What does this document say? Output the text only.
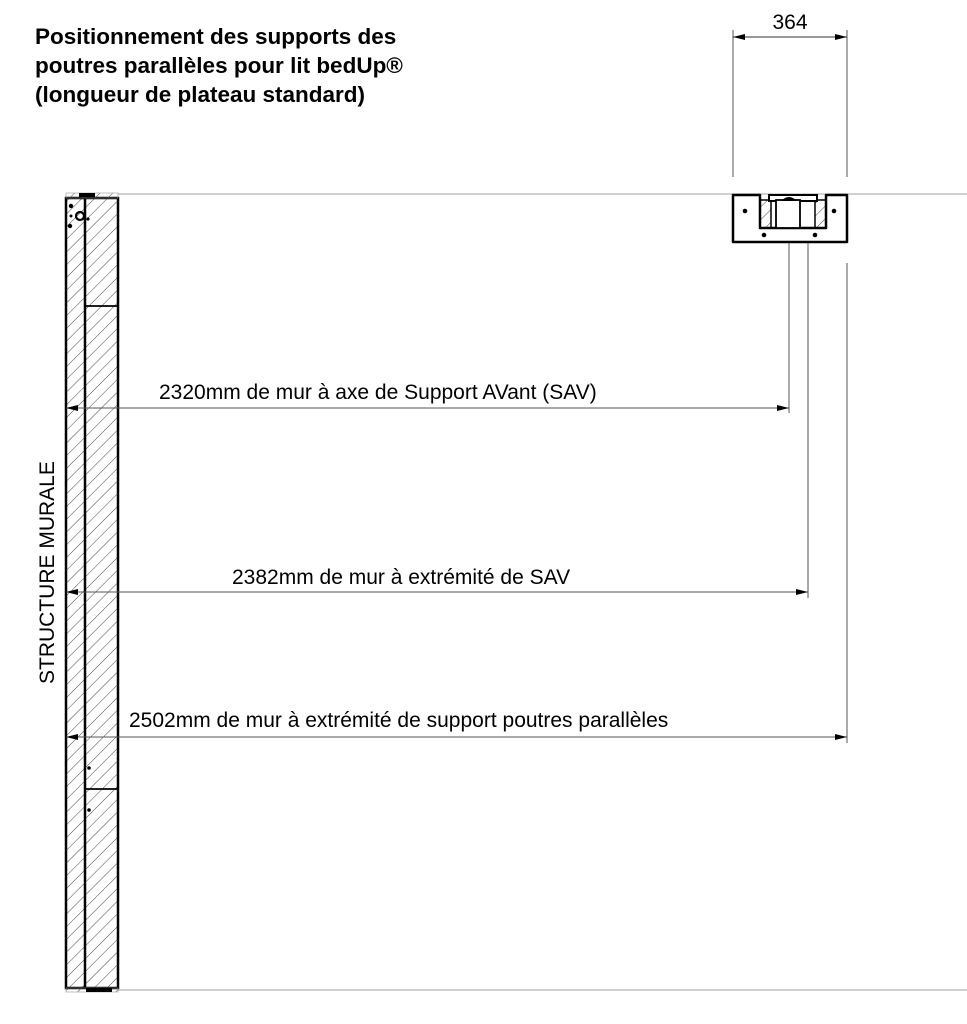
Positionnement des supports des
poutres parallèles pour lit bedUp®
(longueur de plateau standard)
STRUCTURE MURALE
364
2320mm de mur à axe de Support AVant (SAV)
2382mm de mur à extrémité de SAV
2502mm de mur à extrémité de support poutres parallèles
